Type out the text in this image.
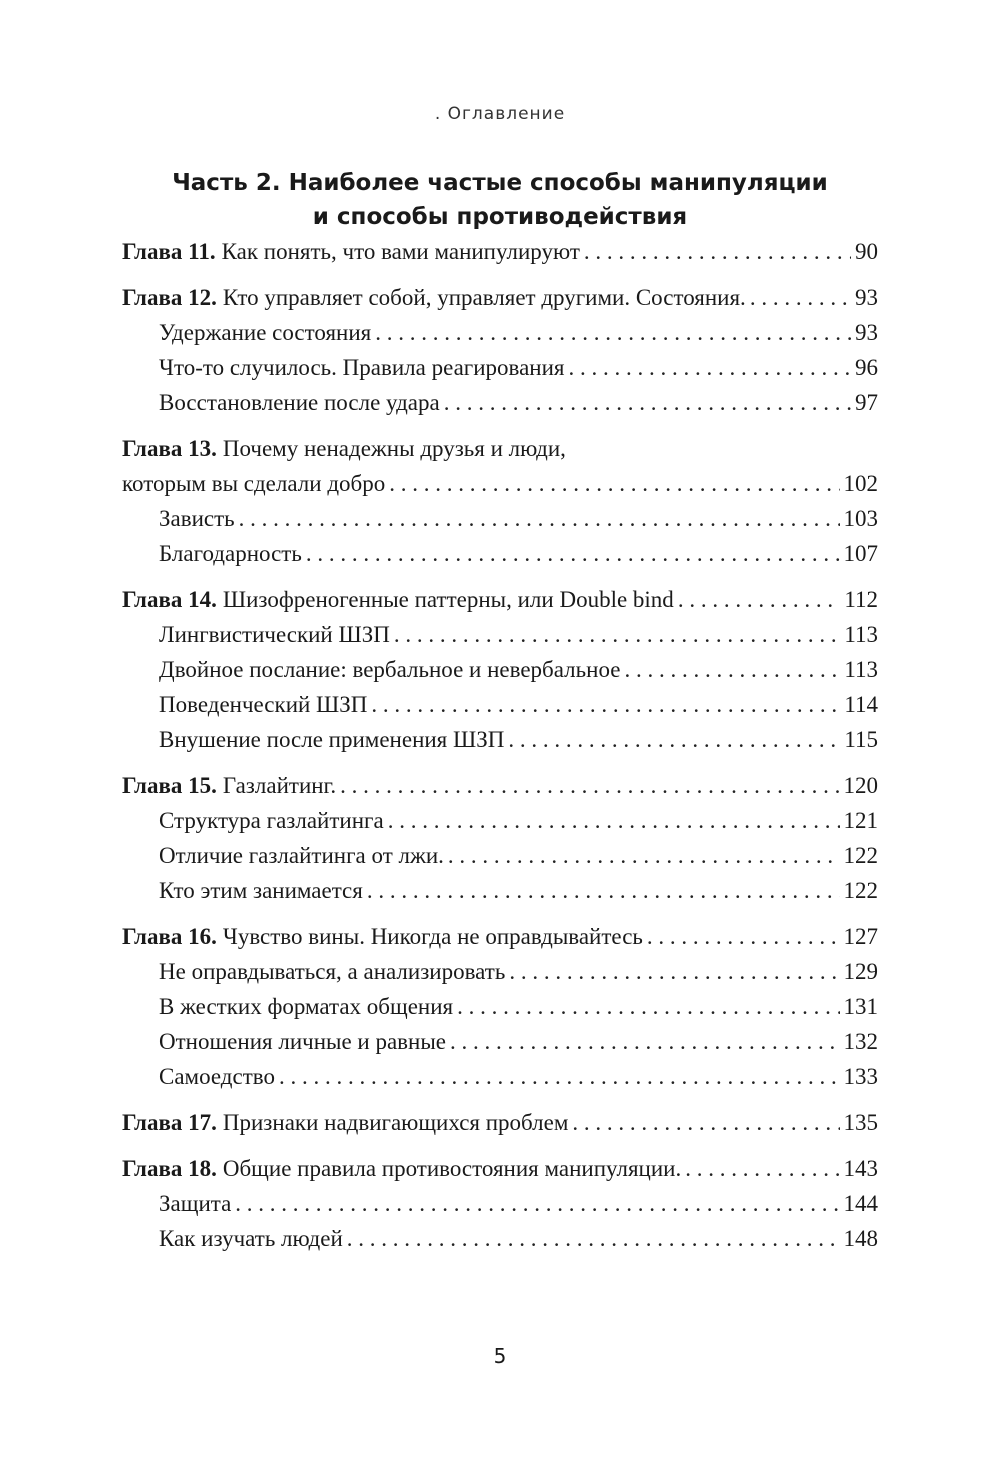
. Оглавление
Часть 2. Наиболее частые способы манипуляции
и способы противодействия
Глава 11. Как понять, что вами манипулируют . . .	90
Глава 12. Кто управляет собой, управляет другими. Состояния. . . .	93
Удержание состояния . . .	93
Что-то случилось. Правила реагирования . . .	96
Восстановление после удара . . .	97
Глава 13. Почему ненадежны друзья и люди,
которым вы сделали добро . . .	102
Зависть . . .	103
Благодарность . . .	107
Глава 14. Шизофреногенные паттерны, или Double bind . . .	112
Лингвистический ШЗП . . .	113
Двойное послание: вербальное и невербальное . . .	113
Поведенческий ШЗП . . .	114
Внушение после применения ШЗП . . .	115
Глава 15. Газлайтинг. . . .	120
Структура газлайтинга . . .	121
Отличие газлайтинга от лжи. . . .	122
Кто этим занимается . . .	122
Глава 16. Чувство вины. Никогда не оправдывайтесь . . .	127
Не оправдываться, а анализировать . . .	129
В жестких форматах общения . . .	131
Отношения личные и равные . . .	132
Самоедство . . .	133
Глава 17. Признаки надвигающихся проблем . . .	135
Глава 18. Общие правила противостояния манипуляции. . . .	143
Защита . . .	144
Как изучать людей . . .	148
5
